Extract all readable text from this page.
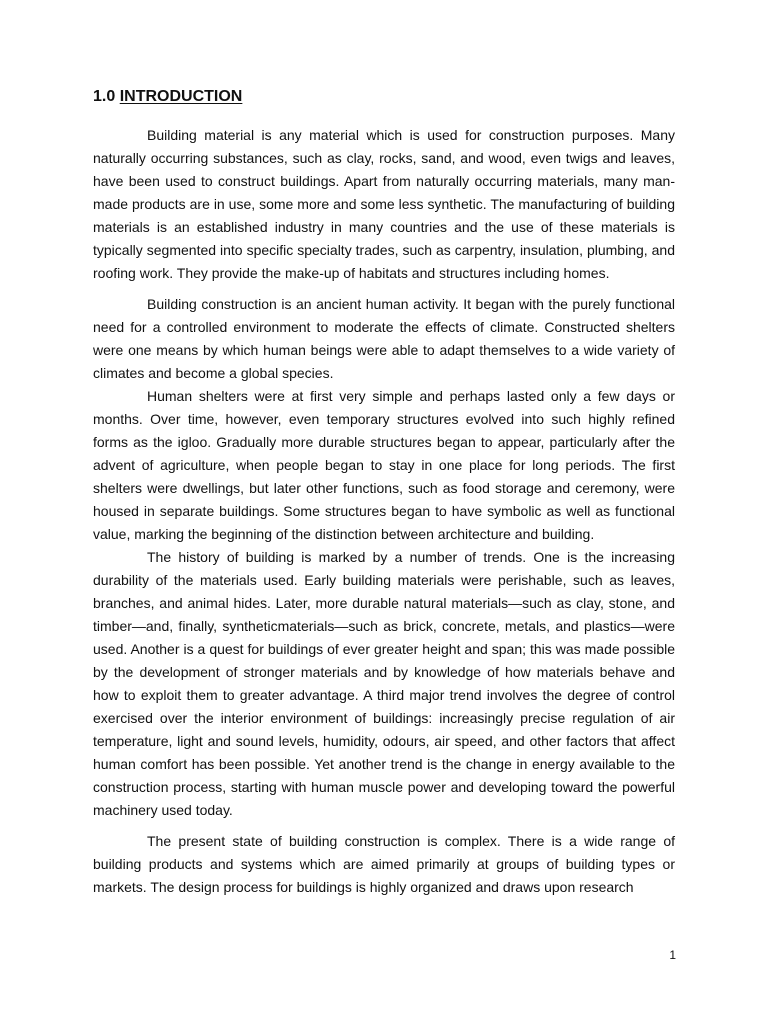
1.0 INTRODUCTION

Building material is any material which is used for construction purposes. Many naturally occurring substances, such as clay, rocks, sand, and wood, even twigs and leaves, have been used to construct buildings. Apart from naturally occurring materials, many man-made products are in use, some more and some less synthetic. The manufacturing of building materials is an established industry in many countries and the use of these materials is typically segmented into specific specialty trades, such as carpentry, insulation, plumbing, and roofing work. They provide the make-up of habitats and structures including homes.

Building construction is an ancient human activity. It began with the purely functional need for a controlled environment to moderate the effects of climate. Constructed shelters were one means by which human beings were able to adapt themselves to a wide variety of climates and become a global species.

Human shelters were at first very simple and perhaps lasted only a few days or months. Over time, however, even temporary structures evolved into such highly refined forms as the igloo. Gradually more durable structures began to appear, particularly after the advent of agriculture, when people began to stay in one place for long periods. The first shelters were dwellings, but later other functions, such as food storage and ceremony, were housed in separate buildings. Some structures began to have symbolic as well as functional value, marking the beginning of the distinction between architecture and building.

The history of building is marked by a number of trends. One is the increasing durability of the materials used. Early building materials were perishable, such as leaves, branches, and animal hides. Later, more durable natural materials—such as clay, stone, and timber—and, finally, syntheticmaterials—such as brick, concrete, metals, and plastics—were used. Another is a quest for buildings of ever greater height and span; this was made possible by the development of stronger materials and by knowledge of how materials behave and how to exploit them to greater advantage. A third major trend involves the degree of control exercised over the interior environment of buildings: increasingly precise regulation of air temperature, light and sound levels, humidity, odours, air speed, and other factors that affect human comfort has been possible. Yet another trend is the change in energy available to the construction process, starting with human muscle power and developing toward the powerful machinery used today.

The present state of building construction is complex. There is a wide range of building products and systems which are aimed primarily at groups of building types or markets. The design process for buildings is highly organized and draws upon research

1
